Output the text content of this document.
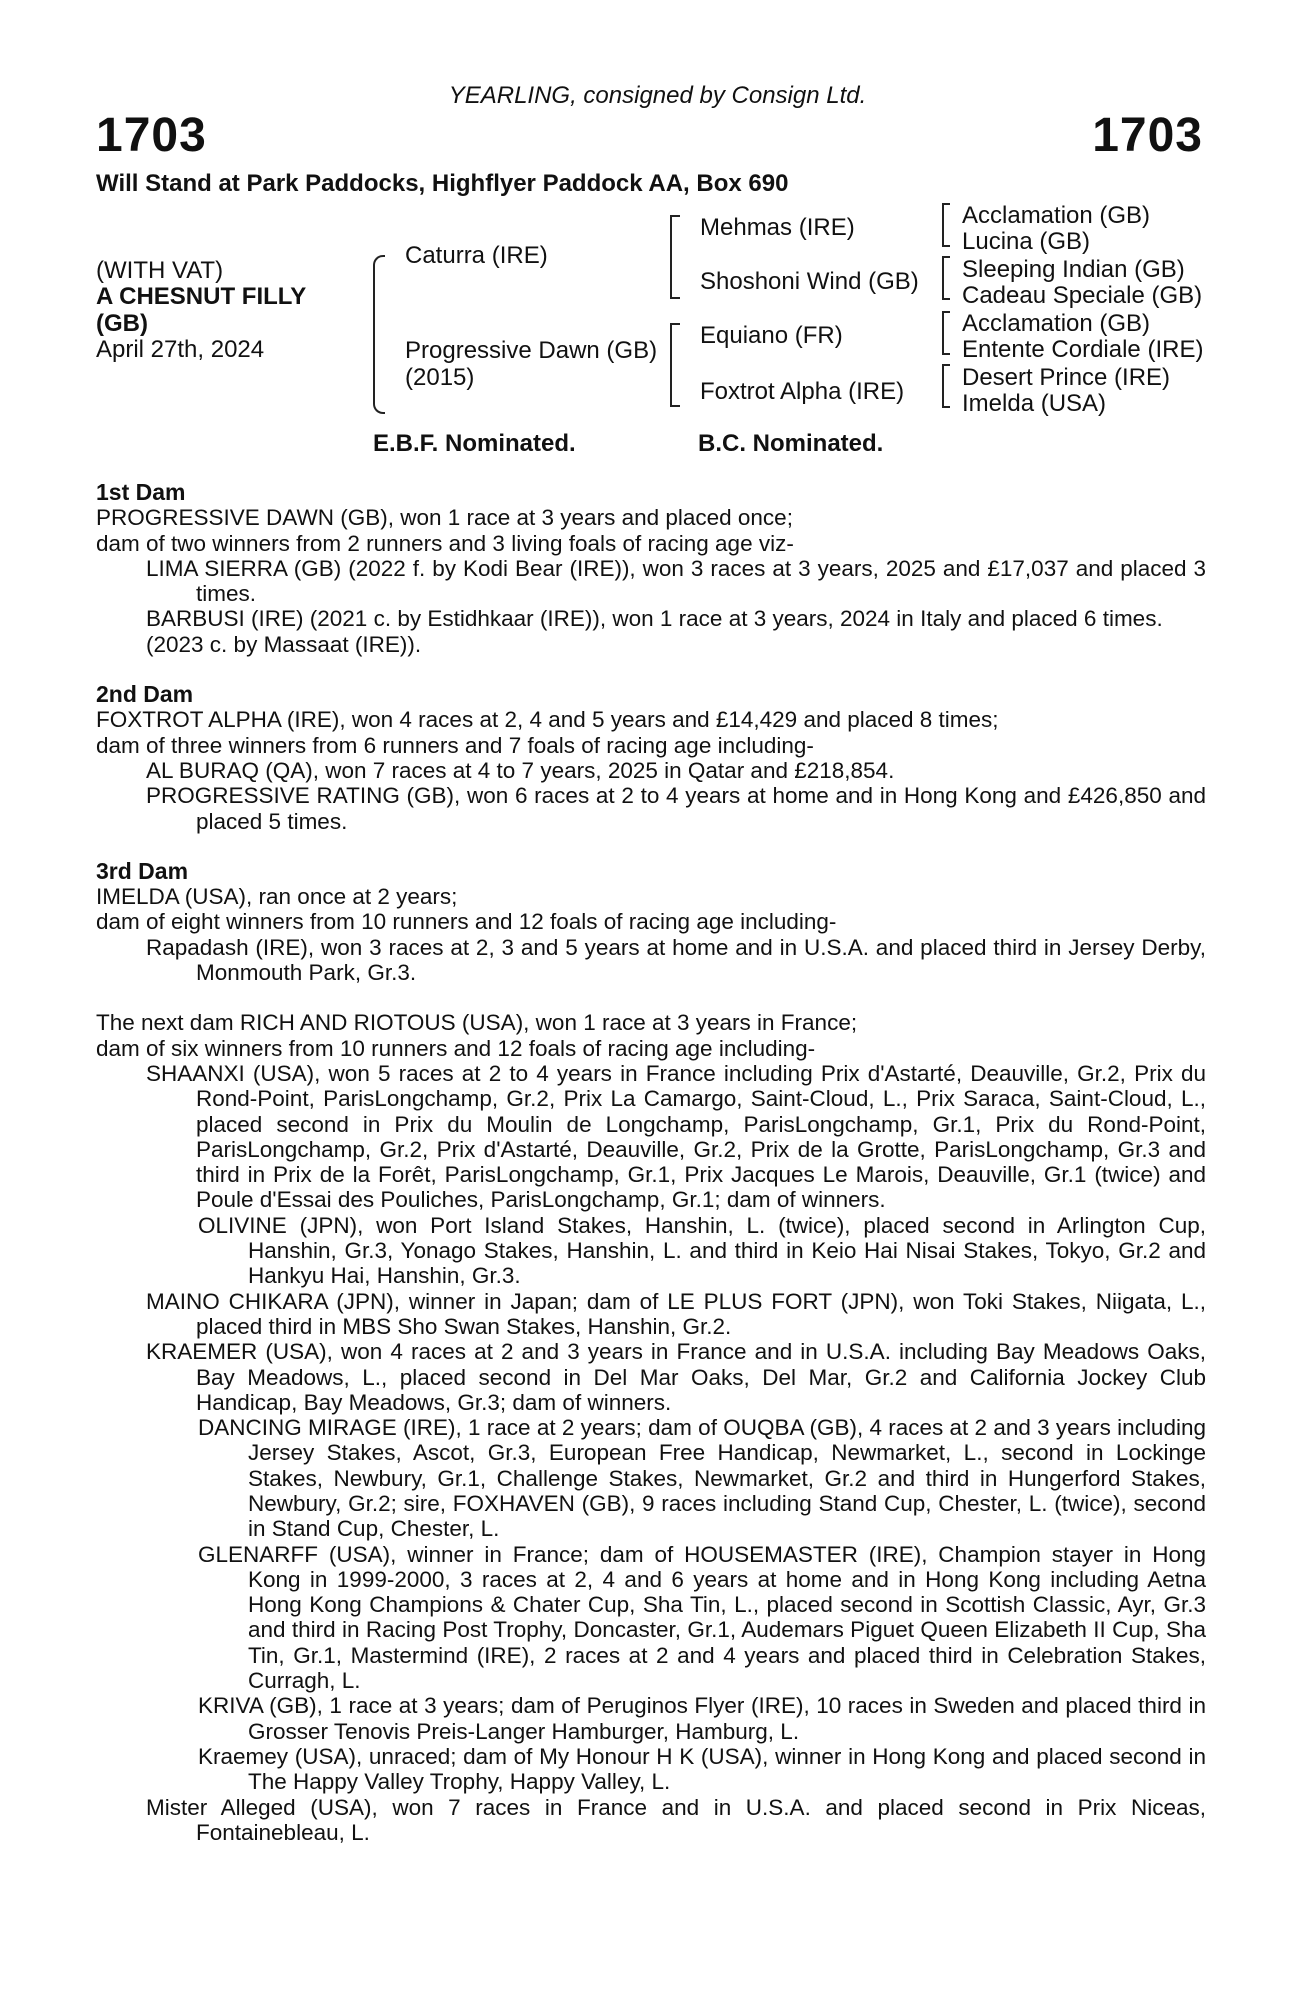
YEARLING, consigned by Consign Ltd.
1703	1703
Will Stand at Park Paddocks, Highflyer Paddock AA, Box 690
(WITH VAT)
A CHESNUT FILLY
(GB)
April 27th, 2024
Caturra (IRE)
Progressive Dawn (GB)
(2015)
Mehmas (IRE)
Shoshoni Wind (GB)
Equiano (FR)
Foxtrot Alpha (IRE)
Acclamation (GB)
Lucina (GB)
Sleeping Indian (GB)
Cadeau Speciale (GB)
Acclamation (GB)
Entente Cordiale (IRE)
Desert Prince (IRE)
Imelda (USA)
E.B.F. Nominated.	B.C. Nominated.

1st Dam

PROGRESSIVE DAWN (GB), won 1 race at 3 years and placed once;

dam of two winners from 2 runners and 3 living foals of racing age viz-

LIMA SIERRA (GB) (2022 f. by Kodi Bear (IRE)), won 3 races at 3 years, 2025 and £17,037 and placed 3 times.

BARBUSI (IRE) (2021 c. by Estidhkaar (IRE)), won 1 race at 3 years, 2024 in Italy and placed 6 times.

(2023 c. by Massaat (IRE)).

2nd Dam

FOXTROT ALPHA (IRE), won 4 races at 2, 4 and 5 years and £14,429 and placed 8 times;

dam of three winners from 6 runners and 7 foals of racing age including-

AL BURAQ (QA), won 7 races at 4 to 7 years, 2025 in Qatar and £218,854.

PROGRESSIVE RATING (GB), won 6 races at 2 to 4 years at home and in Hong Kong and £426,850 and placed 5 times.

3rd Dam

IMELDA (USA), ran once at 2 years;

dam of eight winners from 10 runners and 12 foals of racing age including-

Rapadash (IRE), won 3 races at 2, 3 and 5 years at home and in U.S.A. and placed third in Jersey Derby, Monmouth Park, Gr.3.

The next dam RICH AND RIOTOUS (USA), won 1 race at 3 years in France;

dam of six winners from 10 runners and 12 foals of racing age including-

SHAANXI (USA), won 5 races at 2 to 4 years in France including Prix d'Astarté, Deauville, Gr.2, Prix du Rond-Point, ParisLongchamp, Gr.2, Prix La Camargo, Saint-Cloud, L., Prix Saraca, Saint-Cloud, L., placed second in Prix du Moulin de Longchamp, ParisLongchamp, Gr.1, Prix du Rond-Point, ParisLongchamp, Gr.2, Prix d'Astarté, Deauville, Gr.2, Prix de la Grotte, ParisLongchamp, Gr.3 and third in Prix de la Forêt, ParisLongchamp, Gr.1, Prix Jacques Le Marois, Deauville, Gr.1 (twice) and Poule d'Essai des Pouliches, ParisLongchamp, Gr.1; dam of winners.

OLIVINE (JPN), won Port Island Stakes, Hanshin, L. (twice), placed second in Arlington Cup, Hanshin, Gr.3, Yonago Stakes, Hanshin, L. and third in Keio Hai Nisai Stakes, Tokyo, Gr.2 and Hankyu Hai, Hanshin, Gr.3.

MAINO CHIKARA (JPN), winner in Japan; dam of LE PLUS FORT (JPN), won Toki Stakes, Niigata, L., placed third in MBS Sho Swan Stakes, Hanshin, Gr.2.

KRAEMER (USA), won 4 races at 2 and 3 years in France and in U.S.A. including Bay Meadows Oaks, Bay Meadows, L., placed second in Del Mar Oaks, Del Mar, Gr.2 and California Jockey Club Handicap, Bay Meadows, Gr.3; dam of winners.

DANCING MIRAGE (IRE), 1 race at 2 years; dam of OUQBA (GB), 4 races at 2 and 3 years including Jersey Stakes, Ascot, Gr.3, European Free Handicap, Newmarket, L., second in Lockinge Stakes, Newbury, Gr.1, Challenge Stakes, Newmarket, Gr.2 and third in Hungerford Stakes, Newbury, Gr.2; sire, FOXHAVEN (GB), 9 races including Stand Cup, Chester, L. (twice), second in Stand Cup, Chester, L.

GLENARFF (USA), winner in France; dam of HOUSEMASTER (IRE), Champion stayer in Hong Kong in 1999-2000, 3 races at 2, 4 and 6 years at home and in Hong Kong including Aetna Hong Kong Champions & Chater Cup, Sha Tin, L., placed second in Scottish Classic, Ayr, Gr.3 and third in Racing Post Trophy, Doncaster, Gr.1, Audemars Piguet Queen Elizabeth II Cup, Sha Tin, Gr.1, Mastermind (IRE), 2 races at 2 and 4 years and placed third in Celebration Stakes, Curragh, L.

KRIVA (GB), 1 race at 3 years; dam of Peruginos Flyer (IRE), 10 races in Sweden and placed third in Grosser Tenovis Preis-Langer Hamburger, Hamburg, L.

Kraemey (USA), unraced; dam of My Honour H K (USA), winner in Hong Kong and placed second in The Happy Valley Trophy, Happy Valley, L.

Mister Alleged (USA), won 7 races in France and in U.S.A. and placed second in Prix Niceas, Fontainebleau, L.
